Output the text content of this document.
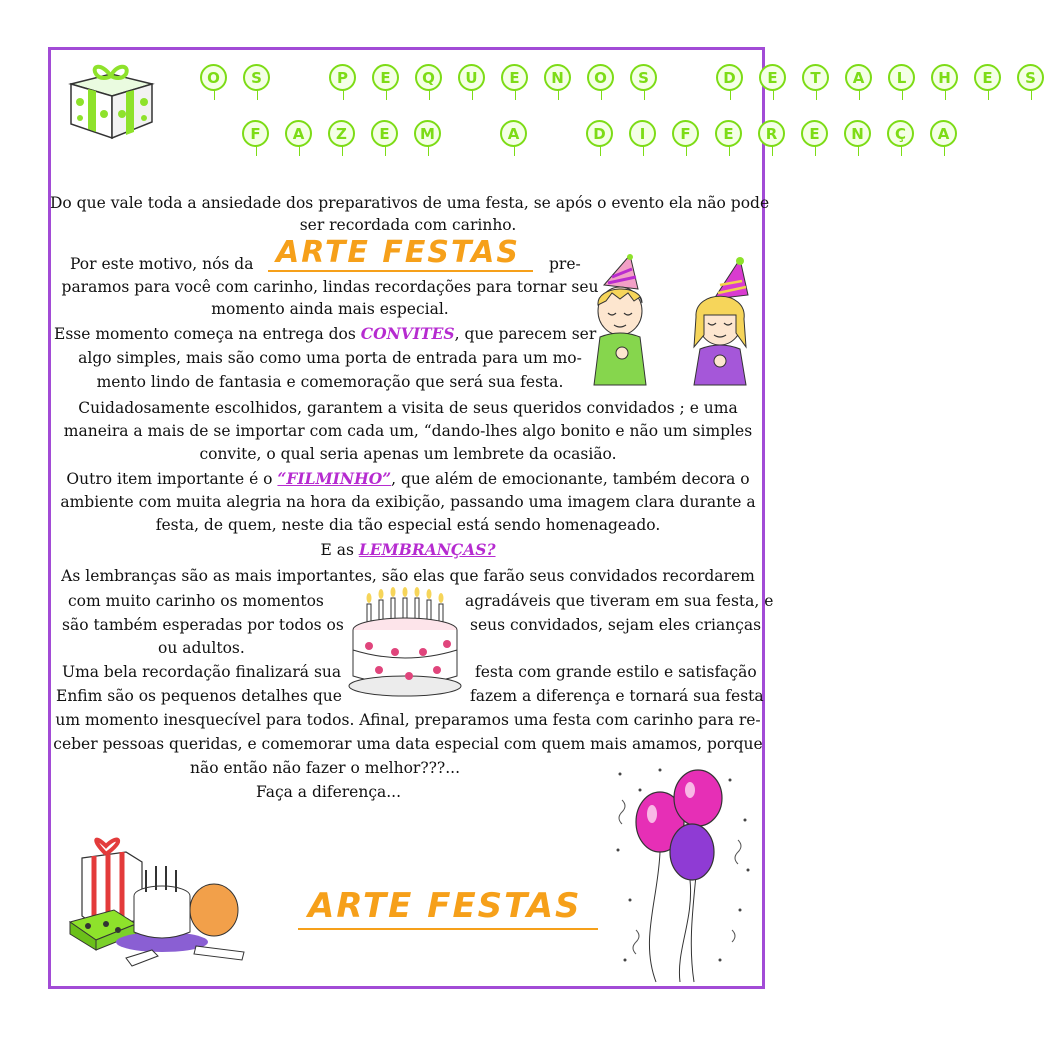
O	S	P	E	Q	U	E	N	O	S	D	E	T	A	L	H	E	S
F	A	Z	E	M	A	D	I	F	E	R	E	N	Ç	A
Do que vale toda a ansiedade dos preparativos de uma festa, se após o evento ela não pode
ser recordada com carinho.
Por este motivo, nós da ARTE FESTAS pre-
paramos para você com carinho, lindas recordações para tornar seu
momento ainda mais especial.
Esse momento começa na entrega dos CONVITES, que parecem ser
algo simples, mais são como uma porta de entrada para um mo-
mento lindo de fantasia e comemoração que será sua festa.
Cuidadosamente escolhidos, garantem a visita de seus queridos convidados ; e uma
maneira a mais de se importar com cada um, “dando-lhes algo bonito e não um simples
convite, o qual seria apenas um lembrete da ocasião.
Outro item importante é o “FILMINHO”, que além de emocionante, também decora o
ambiente com muita alegria na hora da exibição, passando uma imagem clara durante a
festa, de quem, neste dia tão especial está sendo homenageado.
E as LEMBRANÇAS?
As lembranças são as mais importantes, são elas que farão seus convidados recordarem
com muito carinho os momentos	agradáveis que tiveram em sua festa, e
são também esperadas por todos os	seus convidados, sejam eles crianças
ou adultos.
Uma bela recordação finalizará sua	festa com grande estilo e satisfação
Enfim são os pequenos detalhes que	fazem a diferença e tornará sua festa
um momento inesquecível para todos. Afinal, preparamos uma festa com carinho para re-
ceber pessoas queridas, e comemorar uma data especial com quem mais amamos, porque
não então não fazer o melhor???...
Faça a diferença...
ARTE FESTAS
